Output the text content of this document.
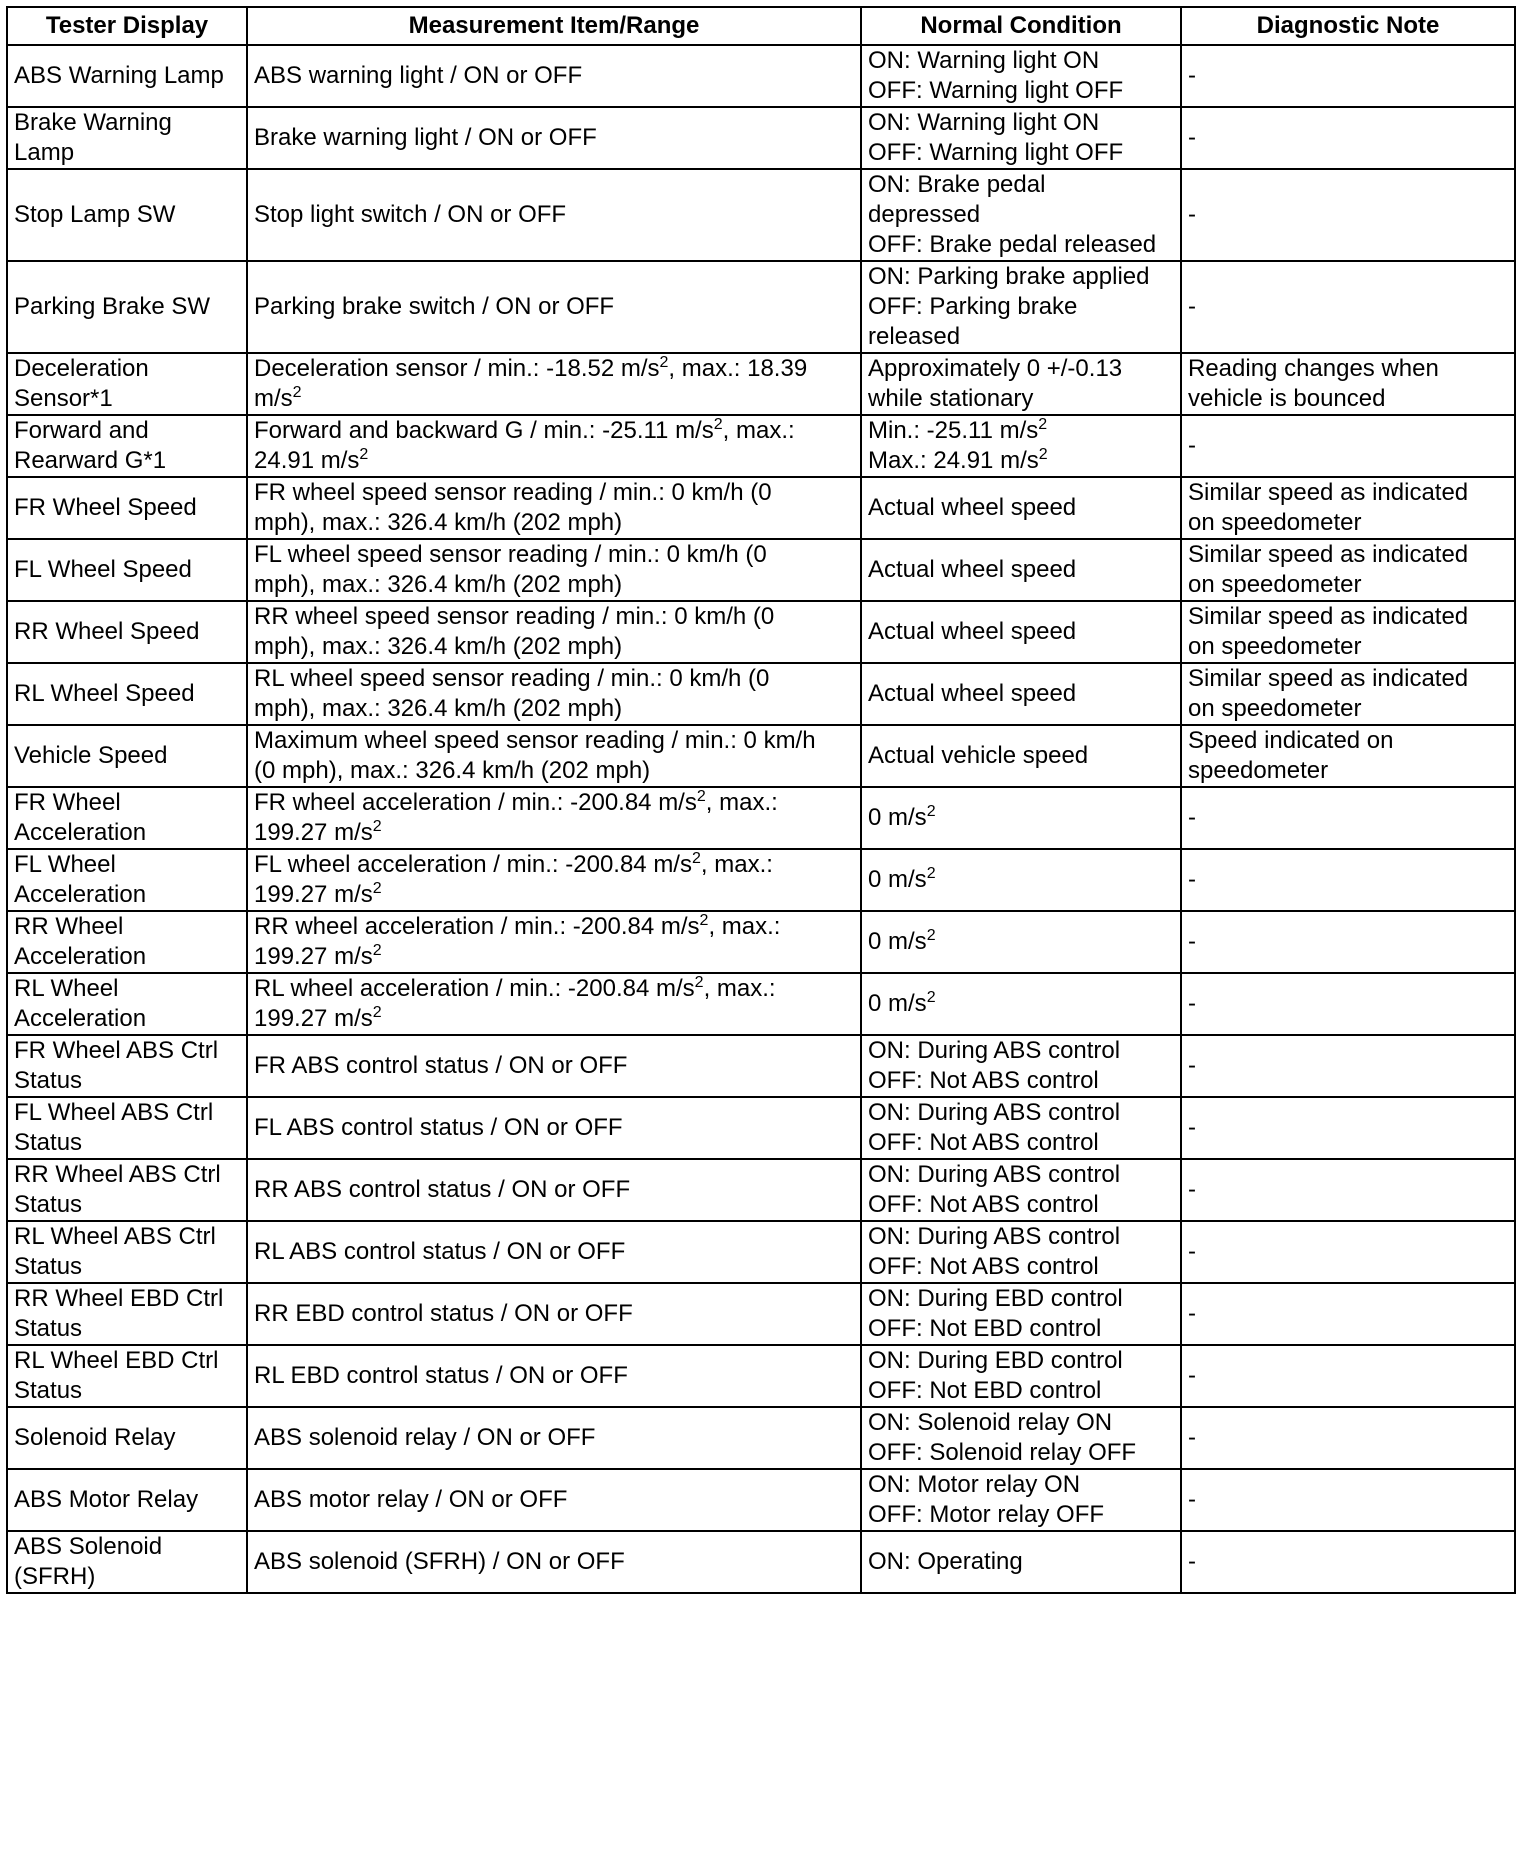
Tester Display	Measurement Item/Range	Normal Condition	Diagnostic Note

ABS Warning Lamp	ABS warning light / ON or OFF	ON: Warning light ON
OFF: Warning light OFF	-

Brake Warning
Lamp	Brake warning light / ON or OFF	ON: Warning light ON
OFF: Warning light OFF	-

Stop Lamp SW	Stop light switch / ON or OFF	ON: Brake pedal
depressed
OFF: Brake pedal released	-

Parking Brake SW	Parking brake switch / ON or OFF	ON: Parking brake applied
OFF: Parking brake
released	-

Deceleration
Sensor*1	Deceleration sensor / min.: -18.52 $m/s^2$, max.: 18.39
$m/s^2$	Approximately 0 +/-0.13
while stationary	Reading changes when
vehicle is bounced

Forward and
Rearward G*1	Forward and backward G / min.: -25.11 $m/s^2$, max.:
24.91 $m/s^2$	Min.: -25.11 $m/s^2$
Max.: 24.91 $m/s^2$	-

FR Wheel Speed	FR wheel speed sensor reading / min.: 0 km/h (0
mph), max.: 326.4 km/h (202 mph)	Actual wheel speed	Similar speed as indicated
on speedometer

FL Wheel Speed	FL wheel speed sensor reading / min.: 0 km/h (0
mph), max.: 326.4 km/h (202 mph)	Actual wheel speed	Similar speed as indicated
on speedometer

RR Wheel Speed	RR wheel speed sensor reading / min.: 0 km/h (0
mph), max.: 326.4 km/h (202 mph)	Actual wheel speed	Similar speed as indicated
on speedometer

RL Wheel Speed	RL wheel speed sensor reading / min.: 0 km/h (0
mph), max.: 326.4 km/h (202 mph)	Actual wheel speed	Similar speed as indicated
on speedometer

Vehicle Speed	Maximum wheel speed sensor reading / min.: 0 km/h
(0 mph), max.: 326.4 km/h (202 mph)	Actual vehicle speed	Speed indicated on
speedometer

FR Wheel
Acceleration	FR wheel acceleration / min.: -200.84 $m/s^2$, max.:
199.27 $m/s^2$	0 $m/s^2$	-

FL Wheel
Acceleration	FL wheel acceleration / min.: -200.84 $m/s^2$, max.:
199.27 $m/s^2$	0 $m/s^2$	-

RR Wheel
Acceleration	RR wheel acceleration / min.: -200.84 $m/s^2$, max.:
199.27 $m/s^2$	0 $m/s^2$	-

RL Wheel
Acceleration	RL wheel acceleration / min.: -200.84 $m/s^2$, max.:
199.27 $m/s^2$	0 $m/s^2$	-

FR Wheel ABS Ctrl
Status	FR ABS control status / ON or OFF	ON: During ABS control
OFF: Not ABS control	-

FL Wheel ABS Ctrl
Status	FL ABS control status / ON or OFF	ON: During ABS control
OFF: Not ABS control	-

RR Wheel ABS Ctrl
Status	RR ABS control status / ON or OFF	ON: During ABS control
OFF: Not ABS control	-

RL Wheel ABS Ctrl
Status	RL ABS control status / ON or OFF	ON: During ABS control
OFF: Not ABS control	-

RR Wheel EBD Ctrl
Status	RR EBD control status / ON or OFF	ON: During EBD control
OFF: Not EBD control	-

RL Wheel EBD Ctrl
Status	RL EBD control status / ON or OFF	ON: During EBD control
OFF: Not EBD control	-

Solenoid Relay	ABS solenoid relay / ON or OFF	ON: Solenoid relay ON
OFF: Solenoid relay OFF	-

ABS Motor Relay	ABS motor relay / ON or OFF	ON: Motor relay ON
OFF: Motor relay OFF	-

ABS Solenoid
(SFRH)	ABS solenoid (SFRH) / ON or OFF	ON: Operating	-
